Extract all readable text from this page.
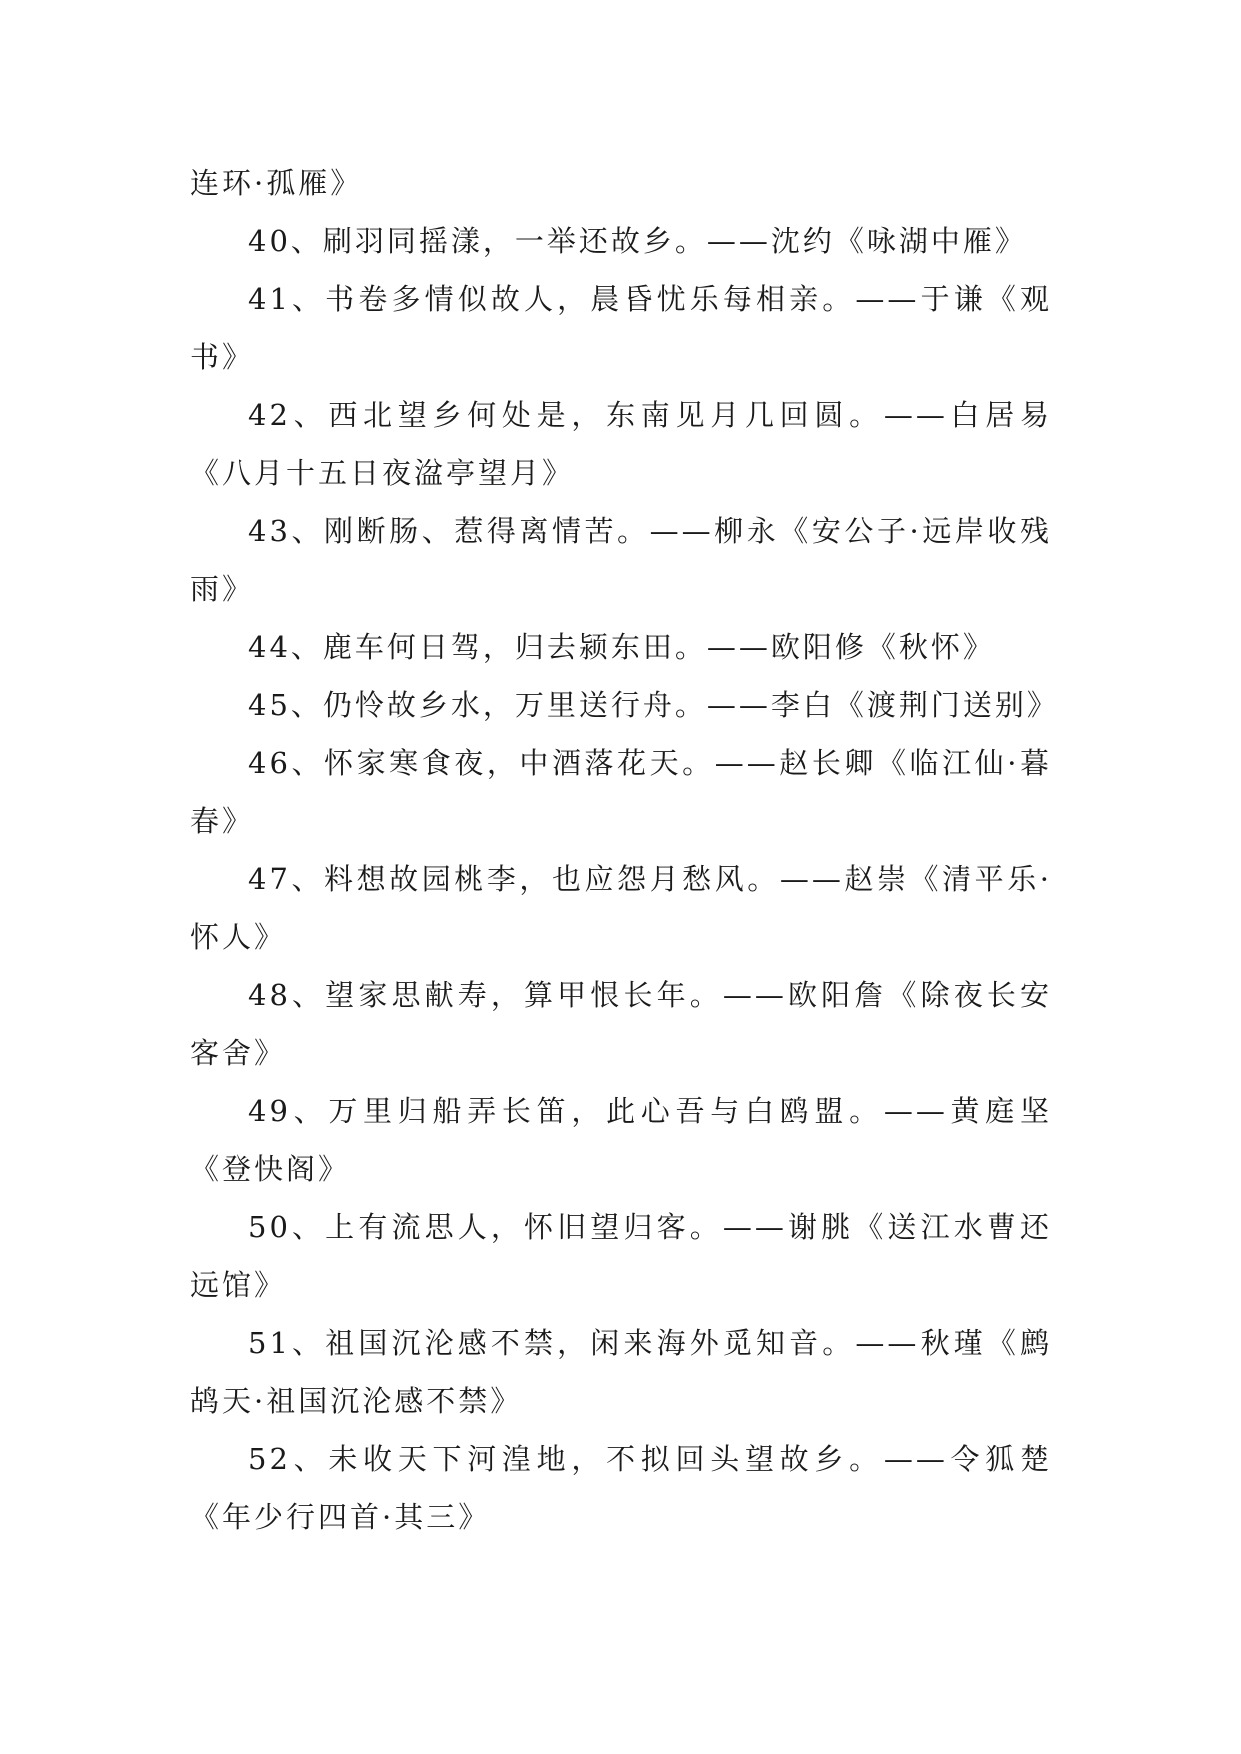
连环·孤雁》

40、刷羽同摇漾，一举还故乡。——沈约《咏湖中雁》

41、书卷多情似故人，晨昏忧乐每相亲。——于谦《观书》

42、西北望乡何处是，东南见月几回圆。——白居易《八月十五日夜湓亭望月》

43、刚断肠、惹得离情苦。——柳永《安公子·远岸收残雨》

44、鹿车何日驾，归去颍东田。——欧阳修《秋怀》

45、仍怜故乡水，万里送行舟。——李白《渡荆门送别》

46、怀家寒食夜，中酒落花天。——赵长卿《临江仙·暮春》

47、料想故园桃李，也应怨月愁风。——赵崇《清平乐·怀人》

48、望家思献寿，算甲恨长年。——欧阳詹《除夜长安客舍》

49、万里归船弄长笛，此心吾与白鸥盟。——黄庭坚《登快阁》

50、上有流思人，怀旧望归客。——谢朓《送江水曹还远馆》

51、祖国沉沦感不禁，闲来海外觅知音。——秋瑾《鹧鸪天·祖国沉沦感不禁》

52、未收天下河湟地，不拟回头望故乡。——令狐楚《年少行四首·其三》
